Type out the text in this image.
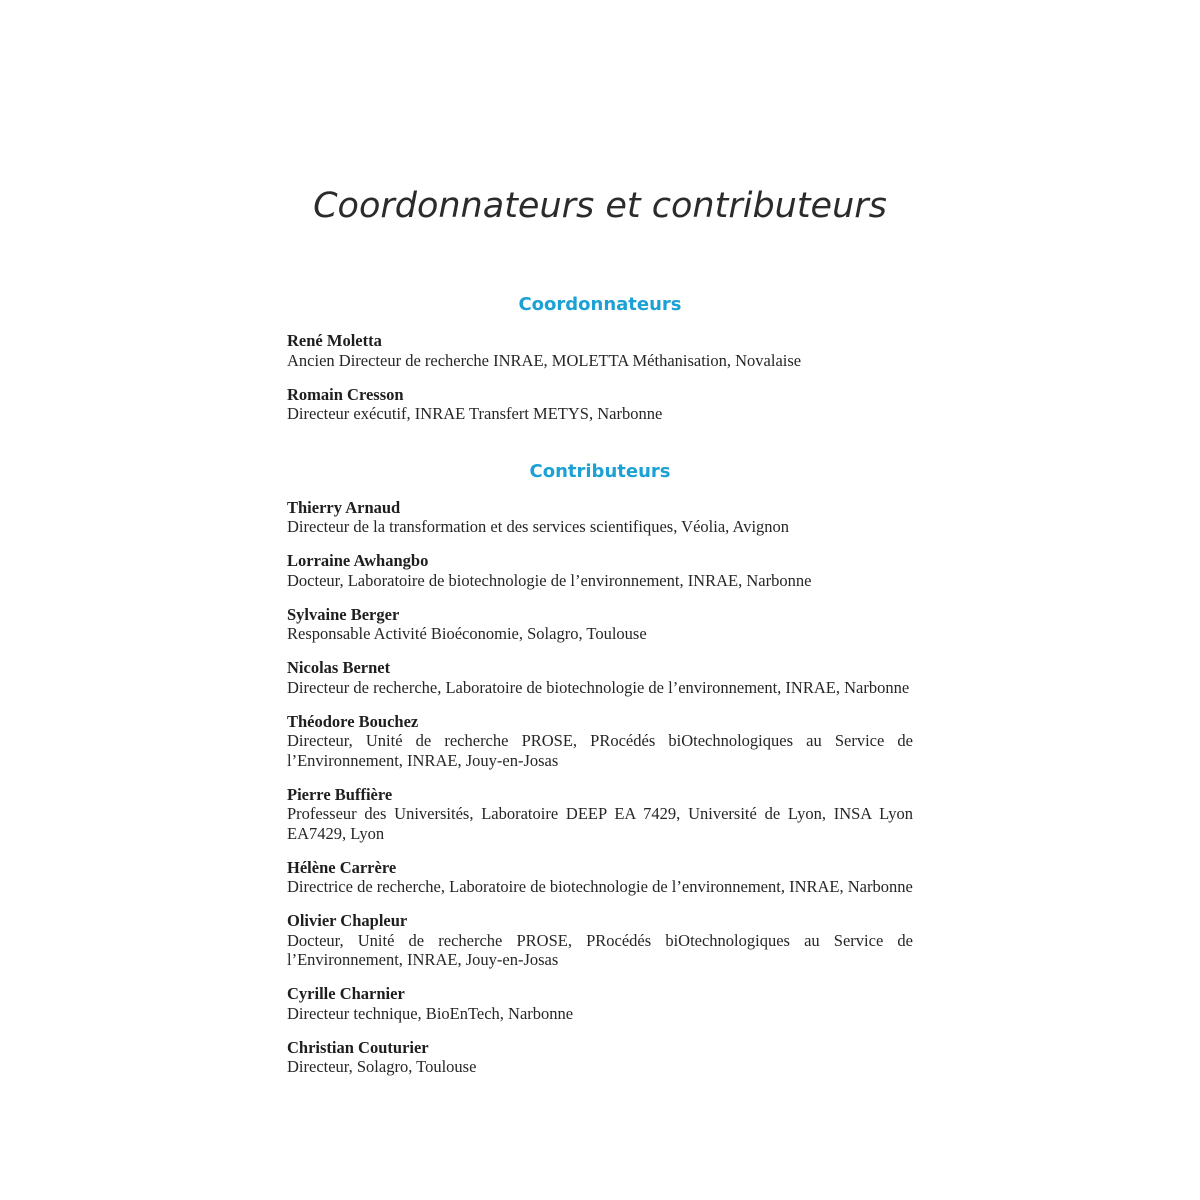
Coordonnateurs et contributeurs
Coordonnateurs
René Moletta
Ancien Directeur de recherche INRAE, MOLETTA Méthanisation, Novalaise
Romain Cresson
Directeur exécutif, INRAE Transfert METYS, Narbonne
Contributeurs
Thierry Arnaud
Directeur de la transformation et des services scientifiques, Véolia, Avignon
Lorraine Awhangbo
Docteur, Laboratoire de biotechnologie de l’environnement, INRAE, Narbonne
Sylvaine Berger
Responsable Activité Bioéconomie, Solagro, Toulouse
Nicolas Bernet
Directeur de recherche, Laboratoire de biotechnologie de l’environnement, INRAE, Narbonne
Théodore Bouchez
Directeur, Unité de recherche PROSE, PRocédés biOtechnologiques au Service de l’Environnement, INRAE, Jouy-en-Josas
Pierre Buffière
Professeur des Universités, Laboratoire DEEP EA 7429, Université de Lyon, INSA Lyon EA7429, Lyon
Hélène Carrère
Directrice de recherche, Laboratoire de biotechnologie de l’environnement, INRAE, Narbonne
Olivier Chapleur
Docteur, Unité de recherche PROSE, PRocédés biOtechnologiques au Service de l’Environnement, INRAE, Jouy-en-Josas
Cyrille Charnier
Directeur technique, BioEnTech, Narbonne
Christian Couturier
Directeur, Solagro, Toulouse
